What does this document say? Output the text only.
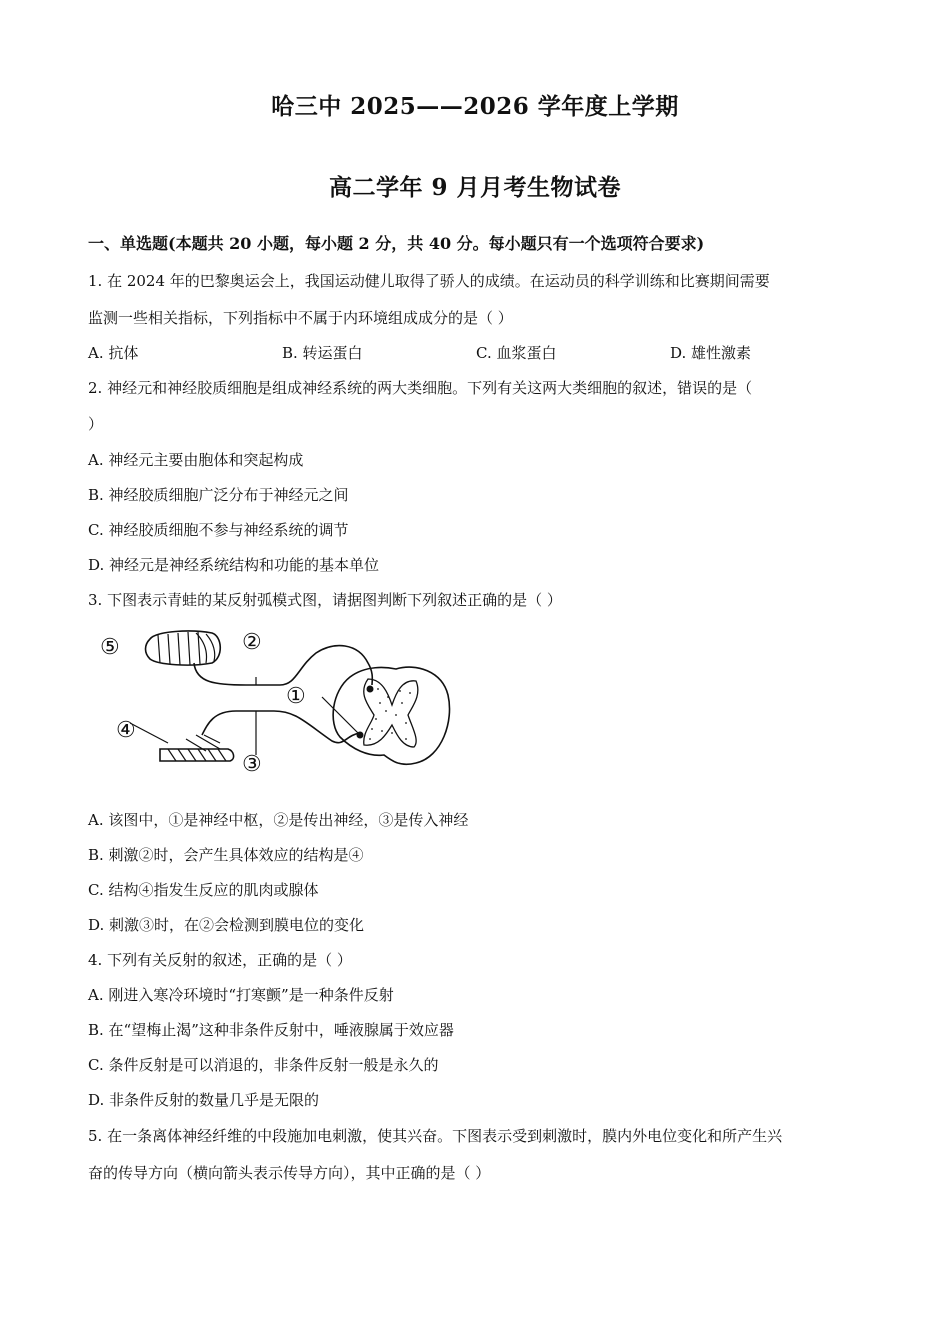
哈三中 2025——2026 学年度上学期
高二学年 9 月月考生物试卷
一、单选题(本题共 20 小题，每小题 2 分，共 40 分。每小题只有一个选项符合要求)
1. 在 2024 年的巴黎奥运会上，我国运动健儿取得了骄人的成绩。在运动员的科学训练和比赛期间需要
监测一些相关指标，下列指标中不属于内环境组成成分的是（ ）
A. 抗体	B. 转运蛋白	C. 血浆蛋白	D. 雄性激素
2. 神经元和神经胶质细胞是组成神经系统的两大类细胞。下列有关这两大类细胞的叙述，错误的是（
）
A. 神经元主要由胞体和突起构成
B. 神经胶质细胞广泛分布于神经元之间
C. 神经胶质细胞不参与神经系统的调节
D. 神经元是神经系统结构和功能的基本单位
3. 下图表示青蛙的某反射弧模式图，请据图判断下列叙述正确的是（ ）
⑤	②
①
④
③
A. 该图中，①是神经中枢，②是传出神经，③是传入神经
B. 刺激②时，会产生具体效应的结构是④
C. 结构④指发生反应的肌肉或腺体
D. 刺激③时，在②会检测到膜电位的变化
4. 下列有关反射的叙述，正确的是（ ）
A. 刚进入寒冷环境时“打寒颤”是一种条件反射
B. 在“望梅止渴”这种非条件反射中，唾液腺属于效应器
C. 条件反射是可以消退的，非条件反射一般是永久的
D. 非条件反射的数量几乎是无限的
5. 在一条离体神经纤维的中段施加电刺激，使其兴奋。下图表示受到刺激时，膜内外电位变化和所产生兴
奋的传导方向（横向箭头表示传导方向），其中正确的是（ ）
